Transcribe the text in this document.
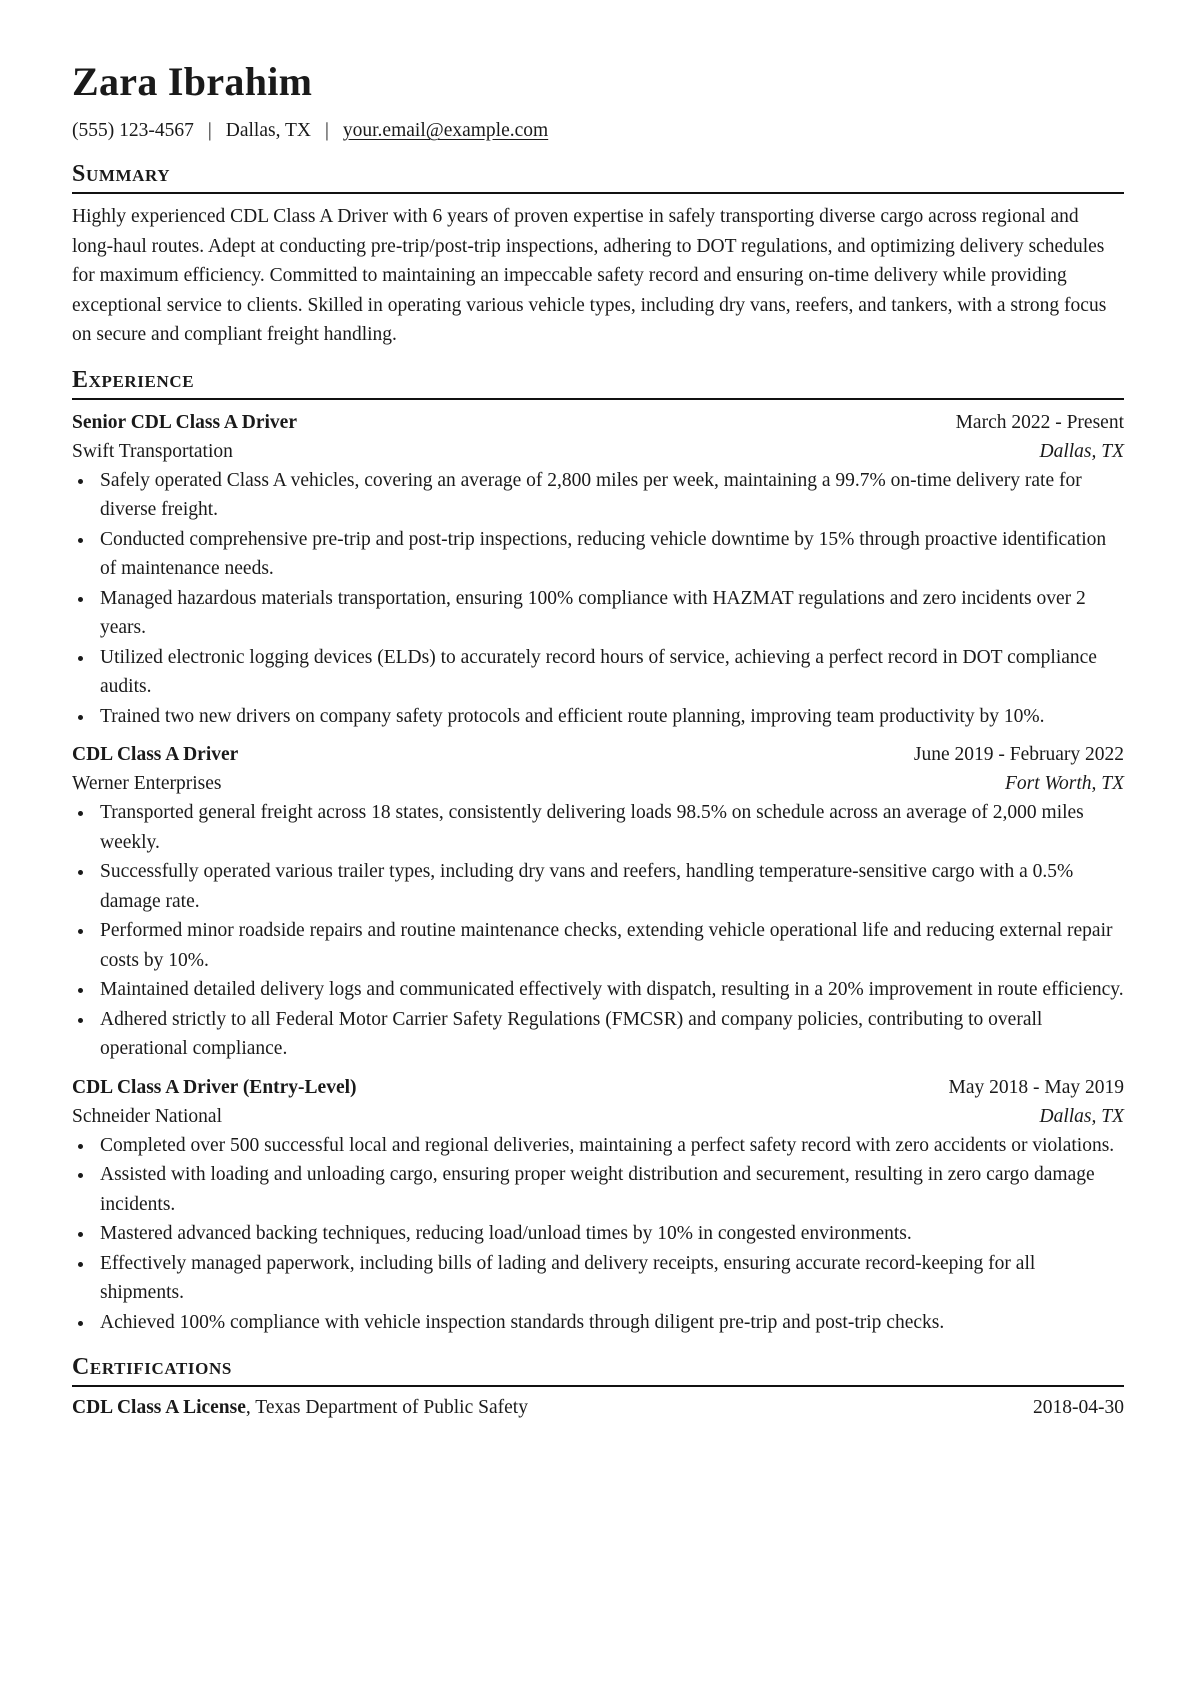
Zara Ibrahim
(555) 123-4567 | Dallas, TX | your.email@example.com
Summary
Highly experienced CDL Class A Driver with 6 years of proven expertise in safely transporting diverse cargo across regional and long-haul routes. Adept at conducting pre-trip/post-trip inspections, adhering to DOT regulations, and optimizing delivery schedules for maximum efficiency. Committed to maintaining an impeccable safety record and ensuring on-time delivery while providing exceptional service to clients. Skilled in operating various vehicle types, including dry vans, reefers, and tankers, with a strong focus on secure and compliant freight handling.
Experience
Senior CDL Class A Driver	March 2022 - Present
Swift Transportation	Dallas, TX
Safely operated Class A vehicles, covering an average of 2,800 miles per week, maintaining a 99.7% on-time delivery rate for diverse freight.
Conducted comprehensive pre-trip and post-trip inspections, reducing vehicle downtime by 15% through proactive identification of maintenance needs.
Managed hazardous materials transportation, ensuring 100% compliance with HAZMAT regulations and zero incidents over 2 years.
Utilized electronic logging devices (ELDs) to accurately record hours of service, achieving a perfect record in DOT compliance audits.
Trained two new drivers on company safety protocols and efficient route planning, improving team productivity by 10%.
CDL Class A Driver	June 2019 - February 2022
Werner Enterprises	Fort Worth, TX
Transported general freight across 18 states, consistently delivering loads 98.5% on schedule across an average of 2,000 miles weekly.
Successfully operated various trailer types, including dry vans and reefers, handling temperature-sensitive cargo with a 0.5% damage rate.
Performed minor roadside repairs and routine maintenance checks, extending vehicle operational life and reducing external repair costs by 10%.
Maintained detailed delivery logs and communicated effectively with dispatch, resulting in a 20% improvement in route efficiency.
Adhered strictly to all Federal Motor Carrier Safety Regulations (FMCSR) and company policies, contributing to overall operational compliance.
CDL Class A Driver (Entry-Level)	May 2018 - May 2019
Schneider National	Dallas, TX
Completed over 500 successful local and regional deliveries, maintaining a perfect safety record with zero accidents or violations.
Assisted with loading and unloading cargo, ensuring proper weight distribution and securement, resulting in zero cargo damage incidents.
Mastered advanced backing techniques, reducing load/unload times by 10% in congested environments.
Effectively managed paperwork, including bills of lading and delivery receipts, ensuring accurate record-keeping for all shipments.
Achieved 100% compliance with vehicle inspection standards through diligent pre-trip and post-trip checks.
Certifications
CDL Class A License, Texas Department of Public Safety	2018-04-30
